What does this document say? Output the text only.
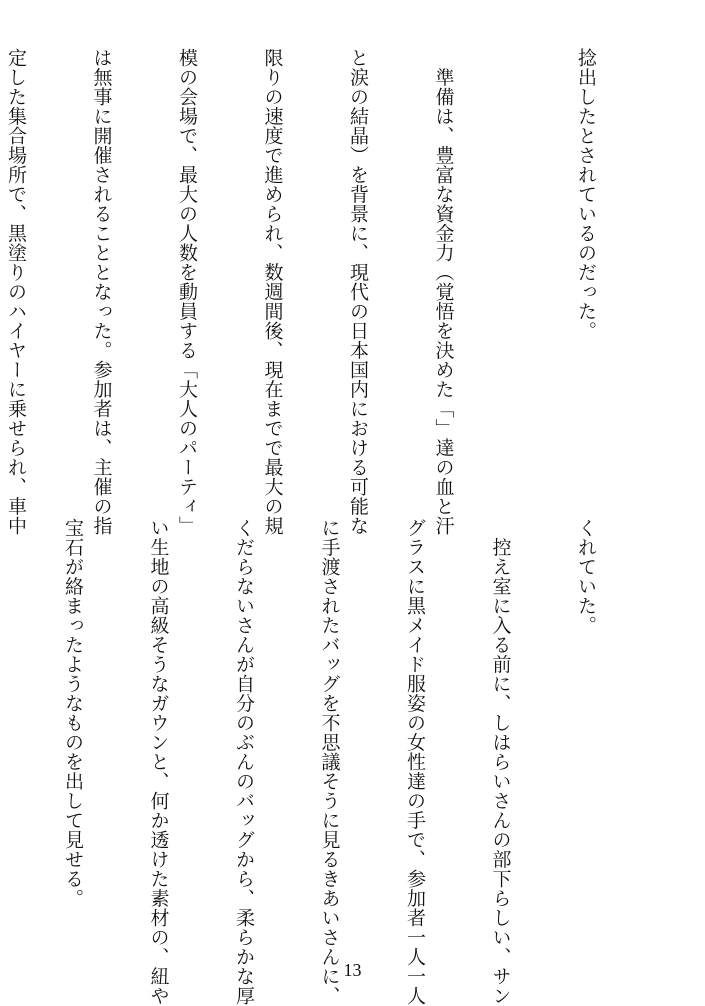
捻出したとされているのだった。

　準備は、豊富な資金力（覚悟を決めた「」達の血と汗

と涙の結晶）を背景に、現代の日本国内における可能な

限りの速度で進められ、数週間後、現在までで最大の規

模の会場で、最大の人数を動員する「大人のパーティ」

は無事に開催されることとなった。参加者は、主催の指

定した集合場所で、黒塗りのハイヤーに乗せられ、車中

くれていた。

　控え室に入る前に、しはらいさんの部下らしい、サン

グラスに黒メイド服姿の女性達の手で、参加者一人一人

に手渡されたバッグを不思議そうに見るきあいさんに、

くだらないさんが自分のぶんのバッグから、柔らかな厚

い生地の高級そうなガウンと、何か透けた素材の、紐や

宝石が絡まったようなものを出して見せる。

13
